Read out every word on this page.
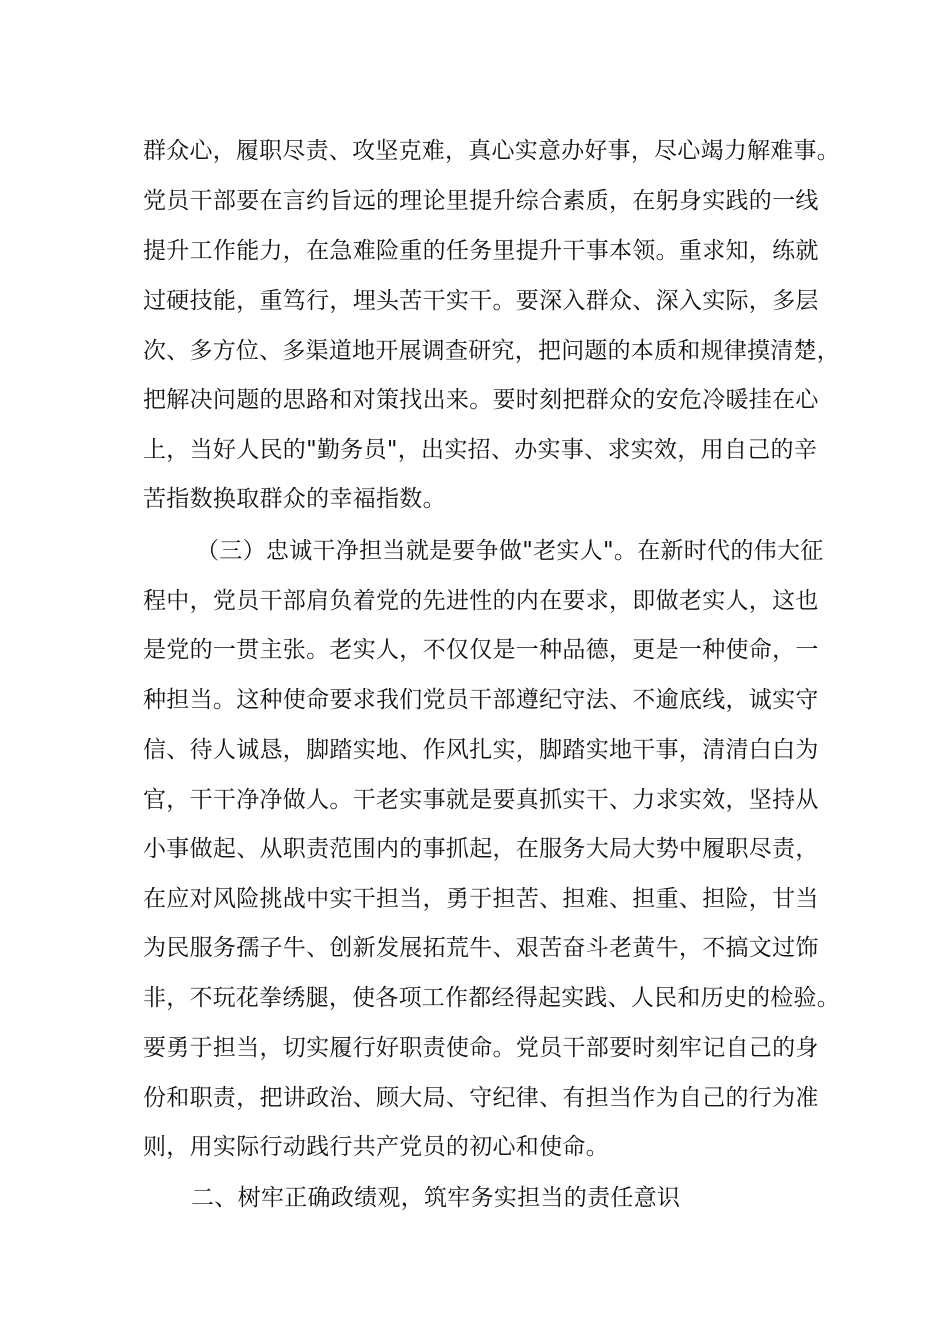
群众心，履职尽责、攻坚克难，真心实意办好事，尽心竭力解难事。
党员干部要在言约旨远的理论里提升综合素质，在躬身实践的一线
提升工作能力，在急难险重的任务里提升干事本领。重求知，练就
过硬技能，重笃行，埋头苦干实干。要深入群众、深入实际，多层
次、多方位、多渠道地开展调查研究，把问题的本质和规律摸清楚，
把解决问题的思路和对策找出来。要时刻把群众的安危冷暖挂在心
上，当好人民的"勤务员"，出实招、办实事、求实效，用自己的辛
苦指数换取群众的幸福指数。
（三）忠诚干净担当就是要争做"老实人"。在新时代的伟大征
程中，党员干部肩负着党的先进性的内在要求，即做老实人，这也
是党的一贯主张。老实人，不仅仅是一种品德，更是一种使命，一
种担当。这种使命要求我们党员干部遵纪守法、不逾底线，诚实守
信、待人诚恳，脚踏实地、作风扎实，脚踏实地干事，清清白白为
官，干干净净做人。干老实事就是要真抓实干、力求实效，坚持从
小事做起、从职责范围内的事抓起，在服务大局大势中履职尽责，
在应对风险挑战中实干担当，勇于担苦、担难、担重、担险，甘当
为民服务孺子牛、创新发展拓荒牛、艰苦奋斗老黄牛，不搞文过饰
非，不玩花拳绣腿，使各项工作都经得起实践、人民和历史的检验。
要勇于担当，切实履行好职责使命。党员干部要时刻牢记自己的身
份和职责，把讲政治、顾大局、守纪律、有担当作为自己的行为准
则，用实际行动践行共产党员的初心和使命。
二、树牢正确政绩观，筑牢务实担当的责任意识
